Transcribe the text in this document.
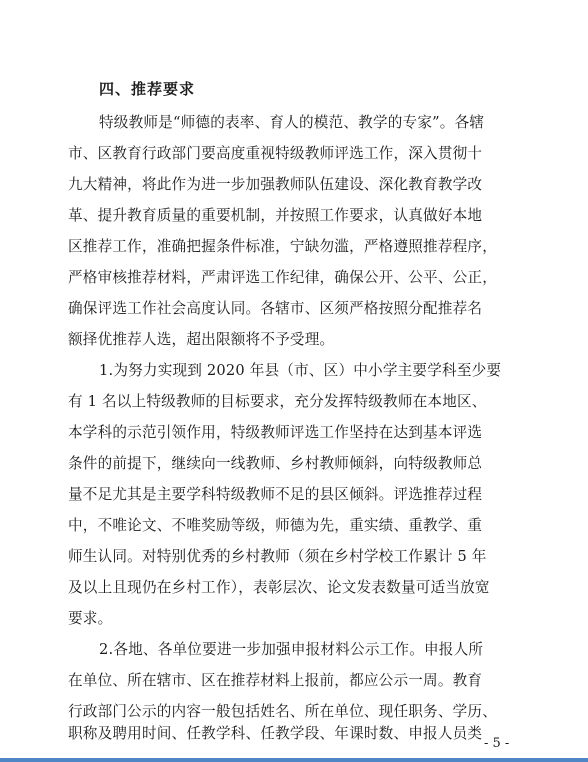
四、推荐要求
特级教师是“师德的表率、育人的模范、教学的专家”。各辖
市、区教育行政部门要高度重视特级教师评选工作，深入贯彻十
九大精神，将此作为进一步加强教师队伍建设、深化教育教学改
革、提升教育质量的重要机制，并按照工作要求，认真做好本地
区推荐工作，准确把握条件标准，宁缺勿滥，严格遵照推荐程序，
严格审核推荐材料，严肃评选工作纪律，确保公开、公平、公正，
确保评选工作社会高度认同。各辖市、区须严格按照分配推荐名
额择优推荐人选，超出限额将不予受理。
1.为努力实现到 2020 年县（市、区）中小学主要学科至少要
有 1 名以上特级教师的目标要求，充分发挥特级教师在本地区、
本学科的示范引领作用，特级教师评选工作坚持在达到基本评选
条件的前提下，继续向一线教师、乡村教师倾斜，向特级教师总
量不足尤其是主要学科特级教师不足的县区倾斜。评选推荐过程
中，不唯论文、不唯奖励等级，师德为先，重实绩、重教学、重
师生认同。对特别优秀的乡村教师（须在乡村学校工作累计 5 年
及以上且现仍在乡村工作），表彰层次、论文发表数量可适当放宽
要求。
2.各地、各单位要进一步加强申报材料公示工作。申报人所
在单位、所在辖市、区在推荐材料上报前，都应公示一周。教育
行政部门公示的内容一般包括姓名、所在单位、现任职务、学历、
职称及聘用时间、任教学科、任教学段、年课时数、申报人员类
- 5 -
